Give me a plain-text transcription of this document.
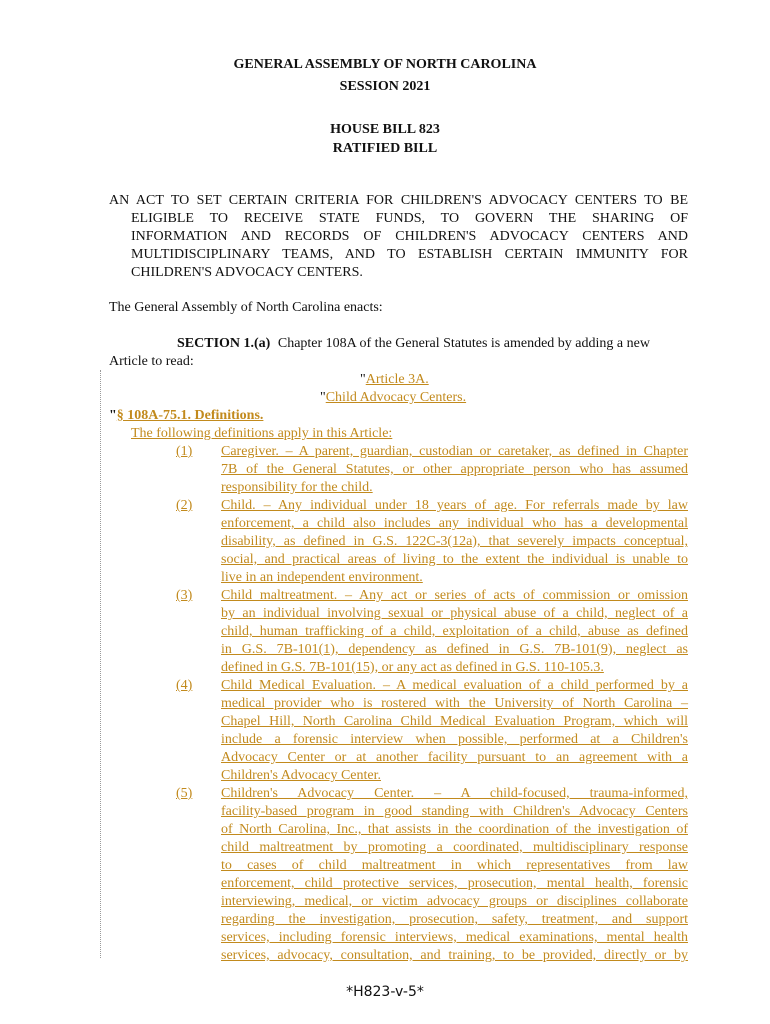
GENERAL ASSEMBLY OF NORTH CAROLINA
SESSION 2021
HOUSE BILL 823
RATIFIED BILL
AN ACT TO SET CERTAIN CRITERIA FOR CHILDREN'S ADVOCACY CENTERS TO BE
ELIGIBLE TO RECEIVE STATE FUNDS, TO GOVERN THE SHARING OF
INFORMATION AND RECORDS OF CHILDREN'S ADVOCACY CENTERS AND
MULTIDISCIPLINARY TEAMS, AND TO ESTABLISH CERTAIN IMMUNITY FOR
CHILDREN'S ADVOCACY CENTERS.
The General Assembly of North Carolina enacts:
SECTION 1.(a) Chapter 108A of the General Statutes is amended by adding a new
Article to read:
"Article 3A.
"Child Advocacy Centers.
"§ 108A-75.1. Definitions.
The following definitions apply in this Article:
(1) Caregiver. – A parent, guardian, custodian or caretaker, as defined in Chapter
7B of the General Statutes, or other appropriate person who has assumed
responsibility for the child.
(2) Child. – Any individual under 18 years of age. For referrals made by law
enforcement, a child also includes any individual who has a developmental
disability, as defined in G.S. 122C-3(12a), that severely impacts conceptual,
social, and practical areas of living to the extent the individual is unable to
live in an independent environment.
(3) Child maltreatment. – Any act or series of acts of commission or omission
by an individual involving sexual or physical abuse of a child, neglect of a
child, human trafficking of a child, exploitation of a child, abuse as defined
in G.S. 7B-101(1), dependency as defined in G.S. 7B-101(9), neglect as
defined in G.S. 7B-101(15), or any act as defined in G.S. 110-105.3.
(4) Child Medical Evaluation. – A medical evaluation of a child performed by a
medical provider who is rostered with the University of North Carolina –
Chapel Hill, North Carolina Child Medical Evaluation Program, which will
include a forensic interview when possible, performed at a Children's
Advocacy Center or at another facility pursuant to an agreement with a
Children's Advocacy Center.
(5) Children's Advocacy Center. – A child-focused, trauma-informed,
facility-based program in good standing with Children's Advocacy Centers
of North Carolina, Inc., that assists in the coordination of the investigation of
child maltreatment by promoting a coordinated, multidisciplinary response
to cases of child maltreatment in which representatives from law
enforcement, child protective services, prosecution, mental health, forensic
interviewing, medical, or victim advocacy groups or disciplines collaborate
regarding the investigation, prosecution, safety, treatment, and support
services, including forensic interviews, medical examinations, mental health
services, advocacy, consultation, and training, to be provided, directly or by
*H823-v-5*
